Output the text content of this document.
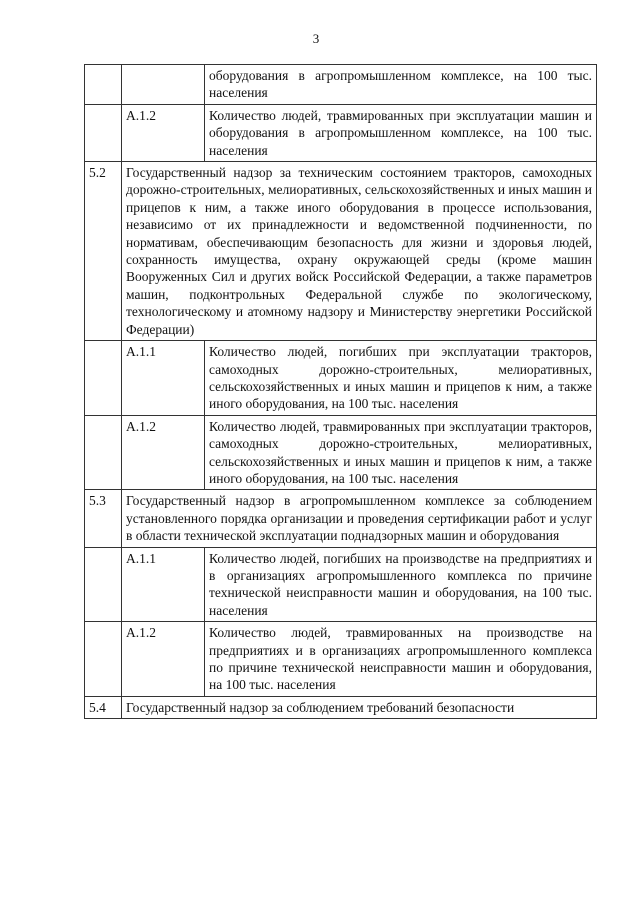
3
		оборудования в агропромышленном комплексе, на 100 тыс. населения
	А.1.2	Количество людей, травмированных при эксплуатации машин и оборудования в агропромышленном комплексе, на 100 тыс. населения
5.2	Государственный надзор за техническим состоянием тракторов, самоходных дорожно-строительных, мелиоративных, сельскохозяйственных и иных машин и прицепов к ним, а также иного оборудования в процессе использования, независимо от их принадлежности и ведомственной подчиненности, по нормативам, обеспечивающим безопасность для жизни и здоровья людей, сохранность имущества, охрану окружающей среды (кроме машин Вооруженных Сил и других войск Российской Федерации, а также параметров машин, подконтрольных Федеральной службе по экологическому, технологическому и атомному надзору и Министерству энергетики Российской Федерации)	
	А.1.1	Количество людей, погибших при эксплуатации тракторов, самоходных дорожно-строительных, мелиоративных, сельскохозяйственных и иных машин и прицепов к ним, а также иного оборудования, на 100 тыс. населения
	А.1.2	Количество людей, травмированных при эксплуатации тракторов, самоходных дорожно-строительных, мелиоративных, сельскохозяйственных и иных машин и прицепов к ним, а также иного оборудования, на 100 тыс. населения
5.3	Государственный надзор в агропромышленном комплексе за соблюдением установленного порядка организации и проведения сертификации работ и услуг в области технической эксплуатации поднадзорных машин и оборудования	
	А.1.1	Количество людей, погибших на производстве на предприятиях и в организациях агропромышленного комплекса по причине технической неисправности машин и оборудования, на 100 тыс. населения
	А.1.2	Количество людей, травмированных на производстве на предприятиях и в организациях агропромышленного комплекса по причине технической неисправности машин и оборудования, на 100 тыс. населения
5.4	Государственный надзор за соблюдением требований безопасности	
